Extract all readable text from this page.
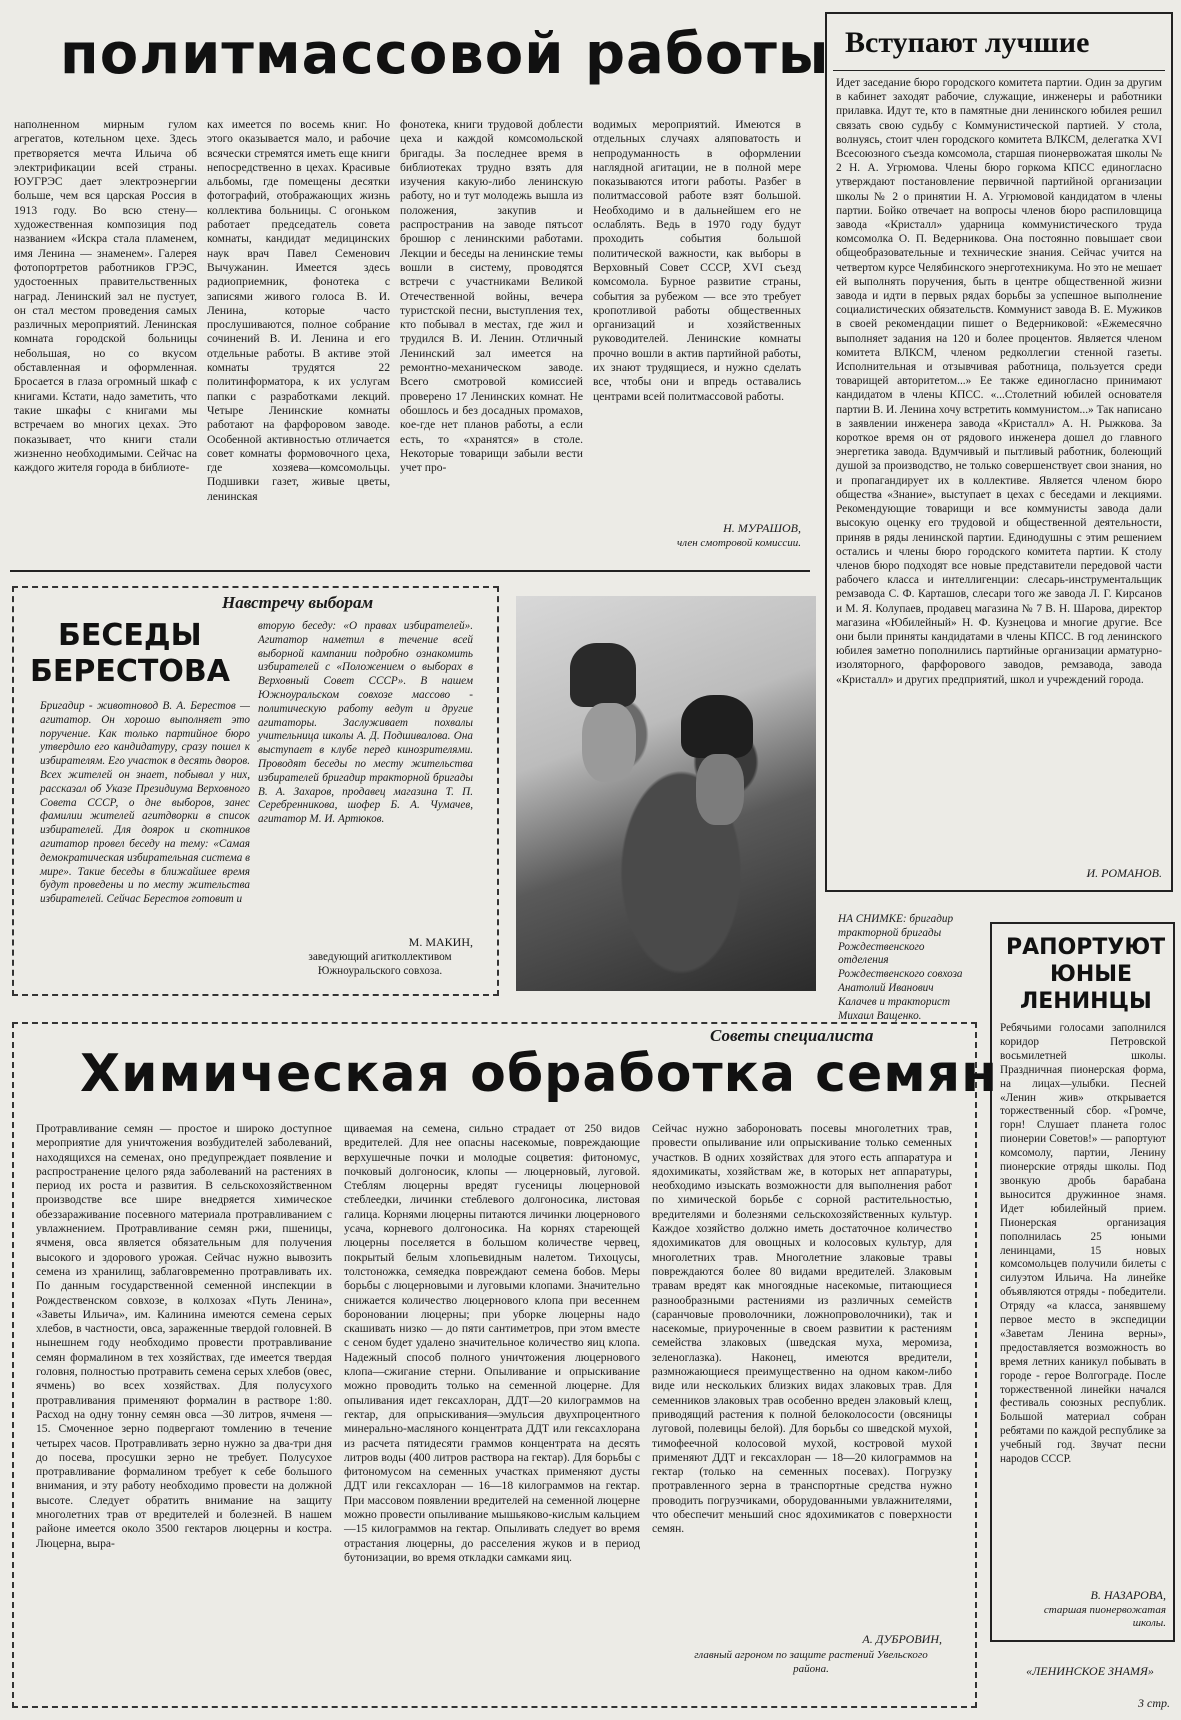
политмассовой работы
наполненном мирным гулом агрегатов, котельном цехе. Здесь претворяется мечта Ильича об электрификации всей страны. ЮУГРЭС дает электроэнергии больше, чем вся царская Россия в 1913 году. Во всю стену—художественная композиция под названием «Искра стала пламенем, имя Ленина — знаменем». Галерея фотопортретов работников ГРЭС, удостоенных правительственных наград. Ленинский зал не пустует, он стал местом проведения самых различных мероприятий. Ленинская комната городской больницы небольшая, но со вкусом обставленная и оформленная. Бросается в глаза огромный шкаф с книгами. Кстати, надо заметить, что такие шкафы с книгами мы встречаем во многих цехах. Это показывает, что книги стали жизненно необходимыми. Сейчас на каждого жителя города в библиоте-
ках имеется по восемь книг. Но этого оказывается мало, и рабочие всячески стремятся иметь еще книги непосредственно в цехах. Красивые альбомы, где помещены десятки фотографий, отображающих жизнь коллектива больницы. С огоньком работает председатель совета комнаты, кандидат медицинских наук врач Павел Семенович Вычужанин. Имеется здесь радиоприемник, фонотека с записями живого голоса В. И. Ленина, которые часто прослушиваются, полное собрание сочинений В. И. Ленина и его отдельные работы. В активе этой комнаты трудятся 22 политинформатора, к их услугам папки с разработками лекций. Четыре Ленинские комнаты работают на фарфоровом заводе. Особенной активностью отличается совет комнаты формовочного цеха, где хозяева—комсомольцы. Подшивки газет, живые цветы, ленинская
фонотека, книги трудовой доблести цеха и каждой комсомольской бригады. За последнее время в библиотеках трудно взять для изучения какую-либо ленинскую работу, но и тут молодежь вышла из положения, закупив и распространив на заводе пятьсот брошюр с ленинскими работами. Лекции и беседы на ленинские темы вошли в систему, проводятся встречи с участниками Великой Отечественной войны, вечера туристской песни, выступления тех, кто побывал в местах, где жил и трудился В. И. Ленин. Отличный Ленинский зал имеется на ремонтно-механическом заводе. Всего смотровой комиссией проверено 17 Ленинских комнат. Не обошлось и без досадных промахов, кое-где нет планов работы, а если есть, то «хранятся» в столе. Некоторые товарищи забыли вести учет про-
водимых мероприятий. Имеются в отдельных случаях аляповатость и непродуманность в оформлении наглядной агитации, не в полной мере показываются итоги работы. Разбег в политмассовой работе взят большой. Необходимо и в дальнейшем его не ослаблять. Ведь в 1970 году будут проходить события большой политической важности, как выборы в Верховный Совет СССР, XVI съезд комсомола. Бурное развитие страны, события за рубежом — все это требует кропотливой работы общественных организаций и хозяйственных руководителей. Ленинские комнаты прочно вошли в актив партийной работы, их знают трудящиеся, и нужно сделать все, чтобы они и впредь оставались центрами всей политмассовой работы.
Н. МУРАШОВ,
член смотровой комиссии.
Вступают лучшие
Идет заседание бюро городского комитета партии. Один за другим в кабинет заходят рабочие, служащие, инженеры и работники прилавка. Идут те, кто в памятные дни ленинского юбилея решил связать свою судьбу с Коммунистической партией. У стола, волнуясь, стоит член городского комитета ВЛКСМ, делегатка XVI Всесоюзного съезда комсомола, старшая пионервожатая школы № 2 Н. А. Угрюмова. Члены бюро горкома КПСС единогласно утверждают постановление первичной партийной организации школы № 2 о принятии Н. А. Угрюмовой кандидатом в члены партии. Бойко отвечает на вопросы членов бюро распиловщица завода «Кристалл» ударница коммунистического труда комсомолка О. П. Ведерникова. Она постоянно повышает свои общеобразовательные и технические знания. Сейчас учится на четвертом курсе Челябинского энерготехникума. Но это не мешает ей выполнять поручения, быть в центре общественной жизни завода и идти в первых рядах борьбы за успешное выполнение социалистических обязательств. Коммунист завода В. Е. Мужиков в своей рекомендации пишет о Ведерниковой: «Ежемесячно выполняет задания на 120 и более процентов. Является членом комитета ВЛКСМ, членом редколлегии стенной газеты. Исполнительная и отзывчивая работница, пользуется среди товарищей авторитетом...» Ее также единогласно принимают кандидатом в члены КПСС. «...Столетний юбилей основателя партии В. И. Ленина хочу встретить коммунистом...» Так написано в заявлении инженера завода «Кристалл» А. Н. Рыжкова. За короткое время он от рядового инженера дошел до главного энергетика завода. Вдумчивый и пытливый работник, болеющий душой за производство, не только совершенствует свои знания, но и пропагандирует их в коллективе. Является членом бюро общества «Знание», выступает в цехах с беседами и лекциями. Рекомендующие товарищи и все коммунисты завода дали высокую оценку его трудовой и общественной деятельности, приняв в ряды ленинской партии. Единодушны с этим решением остались и члены бюро городского комитета партии. К столу членов бюро подходят все новые представители передовой части рабочего класса и интеллигенции: слесарь-инструментальщик ремзавода С. Ф. Карташов, слесари того же завода Л. Г. Кирсанов и М. Я. Колупаев, продавец магазина № 7 В. Н. Шарова, директор магазина «Юбилейный» Н. Ф. Кузнецова и многие другие. Все они были приняты кандидатами в члены КПСС. В год ленинского юбилея заметно пополнились партийные организации арматурно-изоляторного, фарфорового заводов, ремзавода, завода «Кристалл» и других предприятий, школ и учреждений города.
И. РОМАНОВ.
Навстречу выборам
БЕСЕДЫ
БЕРЕСТОВА
Бригадир - животновод В. А. Берестов — агитатор. Он хорошо выполняет это поручение. Как только партийное бюро утвердило его кандидатуру, сразу пошел к избирателям. Его участок в десять дворов. Всех жителей он знает, побывал у них, рассказал об Указе Президиума Верховного Совета СССР, о дне выборов, занес фамилии жителей агитдворки в список избирателей. Для доярок и скотников агитатор провел беседу на тему: «Самая демократическая избирательная система в мире». Такие беседы в ближайшее время будут проведены и по месту жительства избирателей. Сейчас Берестов готовит и
вторую беседу: «О правах избирателей». Агитатор наметил в течение всей выборной кампании подробно ознакомить избирателей с «Положением о выборах в Верховный Совет СССР». В нашем Южноуральском совхозе массово - политическую работу ведут и другие агитаторы. Заслуживает похвалы учительница школы А. Д. Подшивалова. Она выступает в клубе перед кинозрителями. Проводят беседы по месту жительства избирателей бригадир тракторной бригады В. А. Захаров, продавец магазина Т. П. Серебренникова, шофер Б. А. Чумачев, агитатор М. И. Артюков.
М. МАКИН,
заведующий агитколлективом Южноуральского совхоза.
НА СНИМКЕ: бригадир тракторной бригады Рождественского отделения Рождественского совхоза Анатолий Иванович Калачев и тракторист Михаил Ващенко.
РАПОРТУЮТ
ЮНЫЕ
ЛЕНИНЦЫ
Ребячьими голосами заполнился коридор Петровской восьмилетней школы. Праздничная пионерская форма, на лицах—улыбки. Песней «Ленин жив» открывается торжественный сбор. «Громче, горн! Слушает планета голос пионерии Советов!» — рапортуют комсомолу, партии, Ленину пионерские отряды школы. Под звонкую дробь барабана выносится дружинное знамя. Идет юбилейный прием. Пионерская организация пополнилась 25 юными ленинцами, 15 новых комсомольцев получили билеты с силуэтом Ильича. На линейке объявляются отряды - победители. Отряду «а класса, занявшему первое место в экспедиции «Заветам Ленина верны», предоставляется возможность во время летних каникул побывать в городе - герое Волгограде. После торжественной линейки начался фестиваль союзных республик. Большой материал собран ребятами по каждой республике за учебный год. Звучат песни народов СССР.
В. НАЗАРОВА,
старшая пионервожатая школы.
Советы специалиста
Химическая обработка семян
Протравливание семян — простое и широко доступное мероприятие для уничтожения возбудителей заболеваний, находящихся на семенах, оно предупреждает появление и распространение целого ряда заболеваний на растениях в период их роста и развития. В сельскохозяйственном производстве все шире внедряется химическое обеззараживание посевного материала протравливанием с увлажнением. Протравливание семян ржи, пшеницы, ячменя, овса является обязательным для получения высокого и здорового урожая. Сейчас нужно вывозить семена из хранилищ, заблаговременно протравливать их. По данным государственной семенной инспекции в Рождественском совхозе, в колхозах «Путь Ленина», «Заветы Ильича», им. Калинина имеются семена серых хлебов, в частности, овса, зараженные твердой головней. В нынешнем году необходимо провести протравливание семян формалином в тех хозяйствах, где имеется твердая головня, полностью протравить семена серых хлебов (овес, ячмень) во всех хозяйствах. Для полусухого протравливания применяют формалин в растворе 1:80. Расход на одну тонну семян овса —30 литров, ячменя — 15. Смоченное зерно подвергают томлению в течение четырех часов. Протравливать зерно нужно за два-три дня до посева, просушки зерно не требует. Полусухое протравливание формалином требует к себе большого внимания, и эту работу необходимо провести на должной высоте. Следует обратить внимание на защиту многолетних трав от вредителей и болезней. В нашем районе имеется около 3500 гектаров люцерны и костра. Люцерна, выра-
щиваемая на семена, сильно страдает от 250 видов вредителей. Для нее опасны насекомые, повреждающие верхушечные почки и молодые соцветия: фитономус, почковый долгоносик, клопы — люцерновый, луговой. Стеблям люцерны вредят гусеницы люцерновой стеблеедки, личинки стеблевого долгоносика, листовая галица. Корнями люцерны питаются личинки люцернового усача, корневого долгоносика. На корнях стареющей люцерны поселяется в большом количестве червец, покрытый белым хлопьевидным налетом. Тихоцусы, толстоножка, семяедка повреждают семена бобов. Меры борьбы с люцерновыми и луговыми клопами. Значительно снижается количество люцернового клопа при весеннем бороновании люцерны; при уборке люцерны надо скашивать низко — до пяти сантиметров, при этом вместе с сеном будет удалено значительное количество яиц клопа. Надежный способ полного уничтожения люцернового клопа—сжигание стерни. Опыливание и опрыскивание можно проводить только на семенной люцерне. Для опыливания идет гексахлоран, ДДТ—20 килограммов на гектар, для опрыскивания—эмульсия двухпроцентного минерально-масляного концентрата ДДТ или гексахлорана из расчета пятидесяти граммов концентрата на десять литров воды (400 литров раствора на гектар). Для борьбы с фитономусом на семенных участках применяют дусты ДДТ или гексахлоран — 16—18 килограммов на гектар. При массовом появлении вредителей на семенной люцерне можно провести опыливание мышьяково-кислым кальцием —15 килограммов на гектар. Опыливать следует во время отрастания люцерны, до расселения жуков и в период бутонизации, во время откладки самками яиц.
Сейчас нужно забороновать посевы многолетних трав, провести опыливание или опрыскивание только семенных участков. В одних хозяйствах для этого есть аппаратура и ядохимикаты, хозяйствам же, в которых нет аппаратуры, необходимо изыскать возможности для выполнения работ по химической борьбе с сорной растительностью, вредителями и болезнями сельскохозяйственных культур. Каждое хозяйство должно иметь достаточное количество ядохимикатов для овощных и колосовых культур, для многолетних трав. Многолетние злаковые травы повреждаются более 80 видами вредителей. Злаковым травам вредят как многоядные насекомые, питающиеся разнообразными растениями из различных семейств (саранчовые проволочники, ложнопроволочники), так и насекомые, приуроченные в своем развитии к растениям семейства злаковых (шведская муха, меромиза, зеленоглазка). Наконец, имеются вредители, размножающиеся преимущественно на одном каком-либо виде или нескольких близких видах злаковых трав. Для семенников злаковых трав особенно вреден злаковый клещ, приводящий растения к полной белоколосости (овсяницы луговой, полевицы белой). Для борьбы со шведской мухой, тимофеечной колосовой мухой, костровой мухой применяют ДДТ и гексахлоран — 18—20 килограммов на гектар (только на семенных посевах). Погрузку протравленного зерна в транспортные средства нужно проводить погрузчиками, оборудованными увлажнителями, что обеспечит меньший снос ядохимикатов с поверхности семян.
А. ДУБРОВИН,
главный агроном по защите растений Увельского района.	«ЛЕНИНСКОЕ ЗНАМЯ»
3 стр.
